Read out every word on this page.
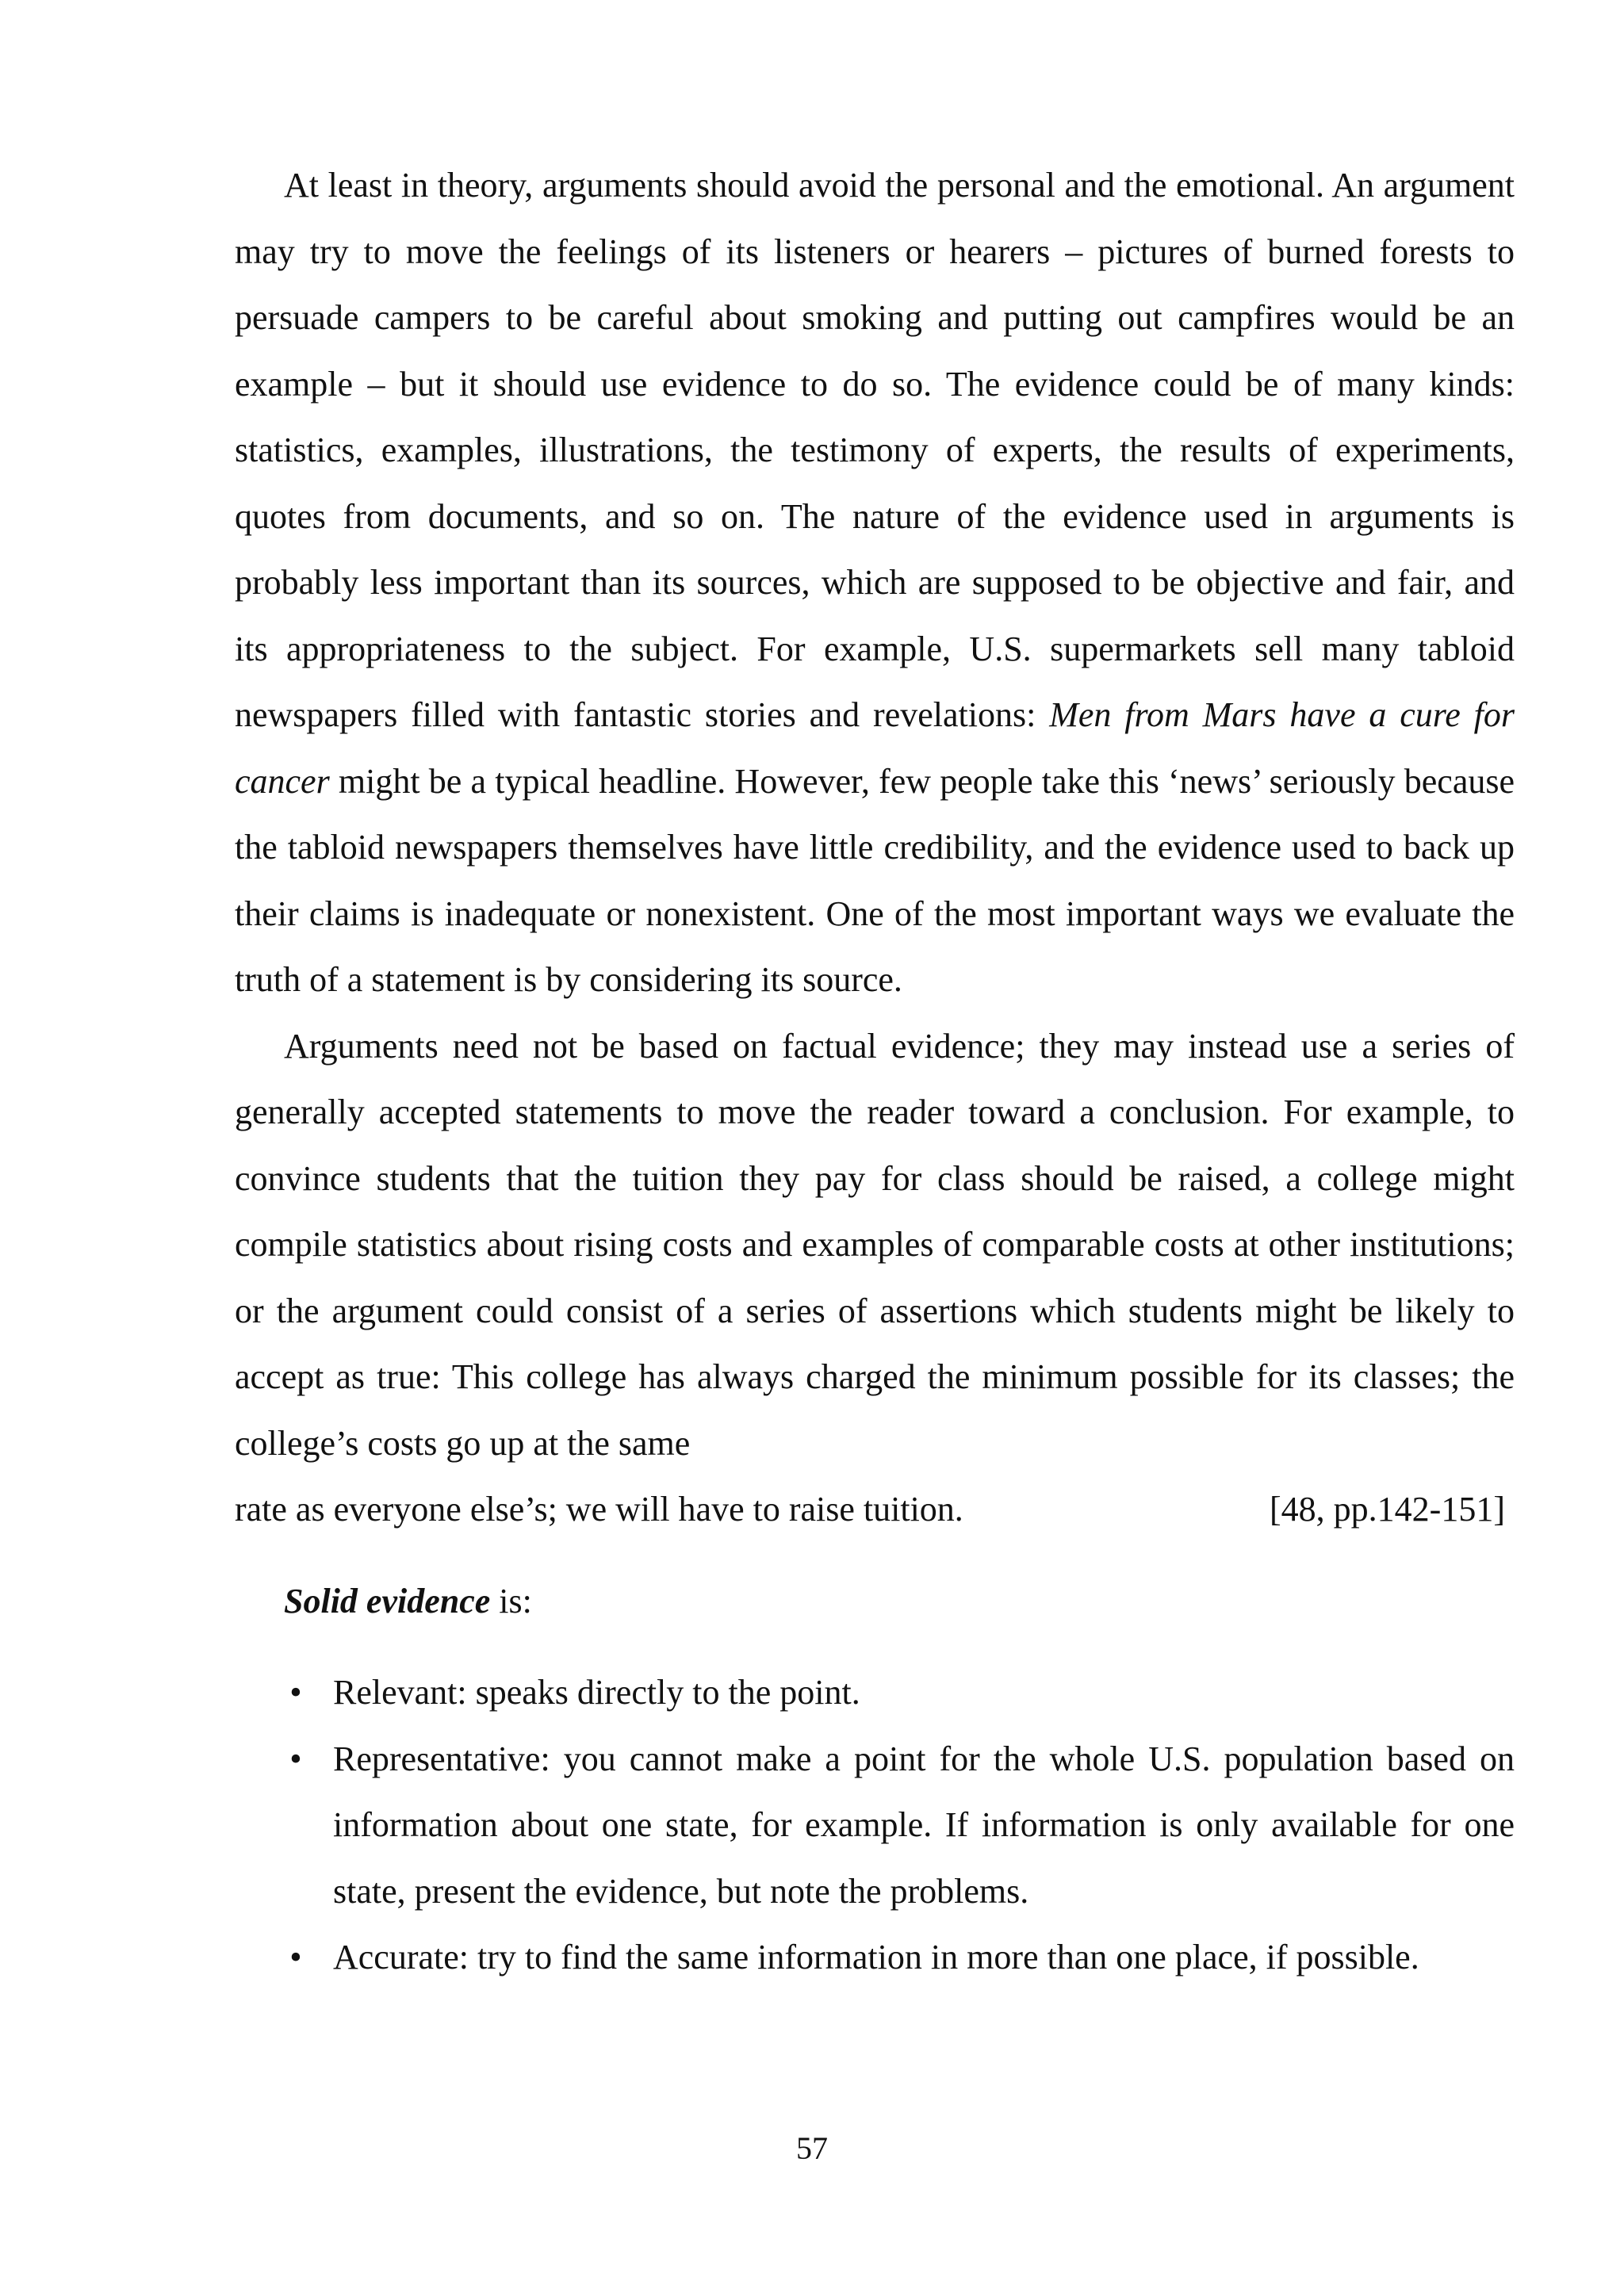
At least in theory, arguments should avoid the personal and the emotional. An argument may try to move the feelings of its listeners or hearers – pictures of burned forests to persuade campers to be careful about smoking and putting out campfires would be an example – but it should use evidence to do so. The evidence could be of many kinds: statistics, examples, illustrations, the testimony of experts, the results of experiments, quotes from documents, and so on. The nature of the evidence used in arguments is probably less important than its sources, which are supposed to be objective and fair, and its appropriateness to the subject. For example, U.S. supermarkets sell many tabloid newspapers filled with fantastic stories and revelations: Men from Mars have a cure for cancer might be a typical headline. However, few people take this ‘news’ seriously because the tabloid newspapers themselves have little credibility, and the evidence used to back up their claims is inadequate or nonexistent. One of the most important ways we evaluate the truth of a statement is by considering its source.

Arguments need not be based on factual evidence; they may instead use a series of generally accepted statements to move the reader toward a conclusion. For example, to convince students that the tuition they pay for class should be raised, a college might compile statistics about rising costs and examples of comparable costs at other institutions; or the argument could consist of a series of assertions which students might be likely to accept as true: This college has always charged the minimum possible for its classes; the college’s costs go up at the same

rate as everyone else’s; we will have to raise tuition.	[48, pp.142-151]

Solid evidence is:

• Relevant: speaks directly to the point.
• Representative: you cannot make a point for the whole U.S. population based on information about one state, for example. If information is only available for one state, present the evidence, but note the problems.
• Accurate: try to find the same information in more than one place, if possible.
57
